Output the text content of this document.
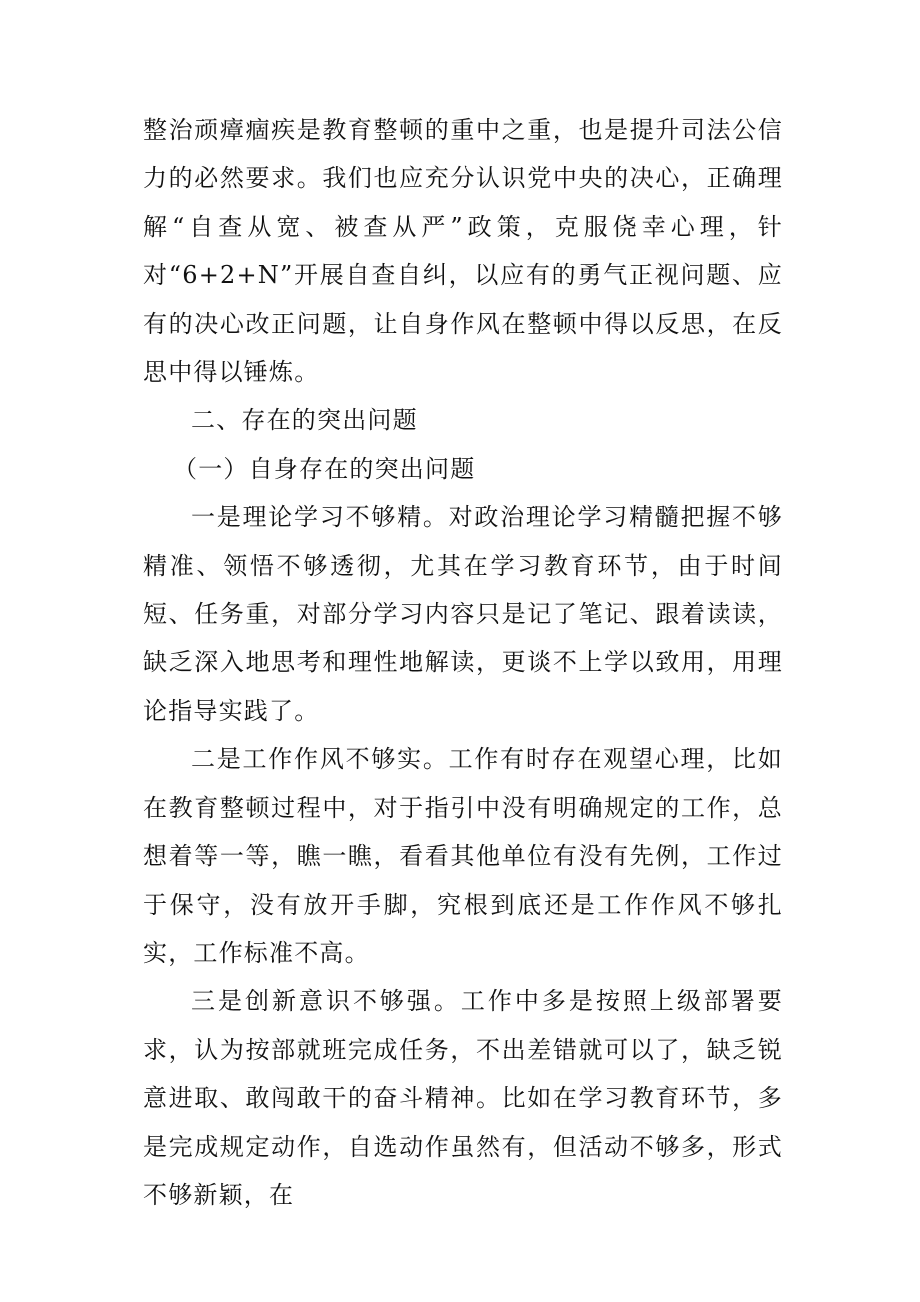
整治顽瘴痼疾是教育整顿的重中之重，也是提升司法公信力的必然要求。我们也应充分认识党中央的决心，正确理解“自查从宽、被查从严”政策，克服侥幸心理，针对“6+2+N”开展自查自纠，以应有的勇气正视问题、应有的决心改正问题，让自身作风在整顿中得以反思，在反思中得以锤炼。

二、存在的突出问题

（一）自身存在的突出问题

一是理论学习不够精。对政治理论学习精髓把握不够精准、领悟不够透彻，尤其在学习教育环节，由于时间短、任务重，对部分学习内容只是记了笔记、跟着读读，缺乏深入地思考和理性地解读，更谈不上学以致用，用理论指导实践了。

二是工作作风不够实。工作有时存在观望心理，比如在教育整顿过程中，对于指引中没有明确规定的工作，总想着等一等，瞧一瞧，看看其他单位有没有先例，工作过于保守，没有放开手脚，究根到底还是工作作风不够扎实，工作标准不高。

三是创新意识不够强。工作中多是按照上级部署要求，认为按部就班完成任务，不出差错就可以了，缺乏锐意进取、敢闯敢干的奋斗精神。比如在学习教育环节，多是完成规定动作，自选动作虽然有，但活动不够多，形式不够新颖，在
